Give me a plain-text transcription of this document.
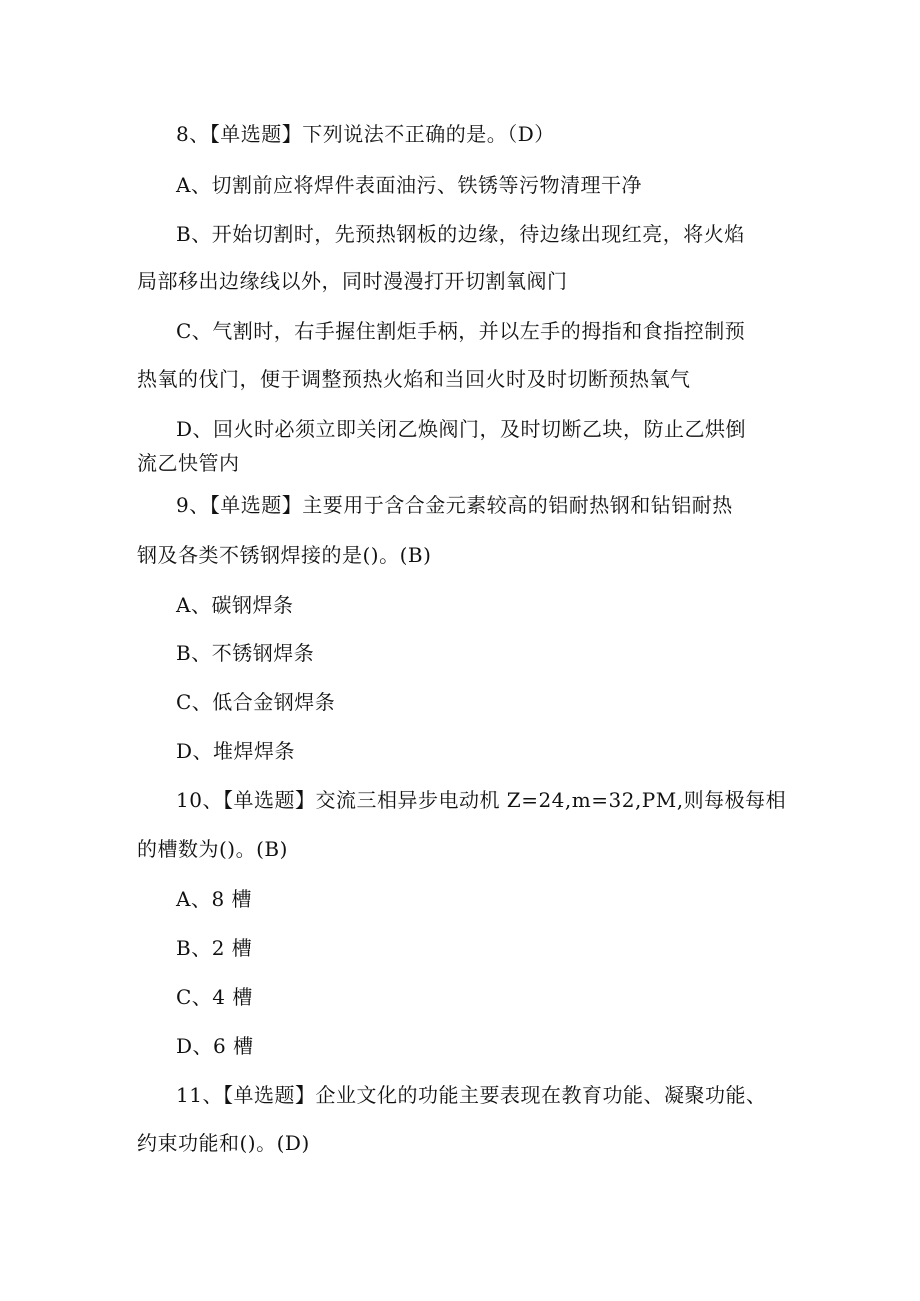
8、【单选题】下列说法不正确的是。（D）
A、切割前应将焊件表面油污、铁锈等污物清理干净
B、开始切割时，先预热钢板的边缘，待边缘出现红亮，将火焰
局部移出边缘线以外，同时漫漫打开切割氧阀门
C、气割时，右手握住割炬手柄，并以左手的拇指和食指控制预
热氧的伐门，便于调整预热火焰和当回火时及时切断预热氧气
D、回火时必须立即关闭乙焕阀门，及时切断乙块，防止乙烘倒
流乙快管内
9、【单选题】主要用于含合金元素较高的铝耐热钢和钻铝耐热
钢及各类不锈钢焊接的是()。(B)
A、碳钢焊条
B、不锈钢焊条
C、低合金钢焊条
D、堆焊焊条
10、【单选题】交流三相异步电动机 Z=24,m=32,PM,则每极每相
的槽数为()。(B)
A、8 槽
B、2 槽
C、4 槽
D、6 槽
11、【单选题】企业文化的功能主要表现在教育功能、凝聚功能、
约束功能和()。(D)
